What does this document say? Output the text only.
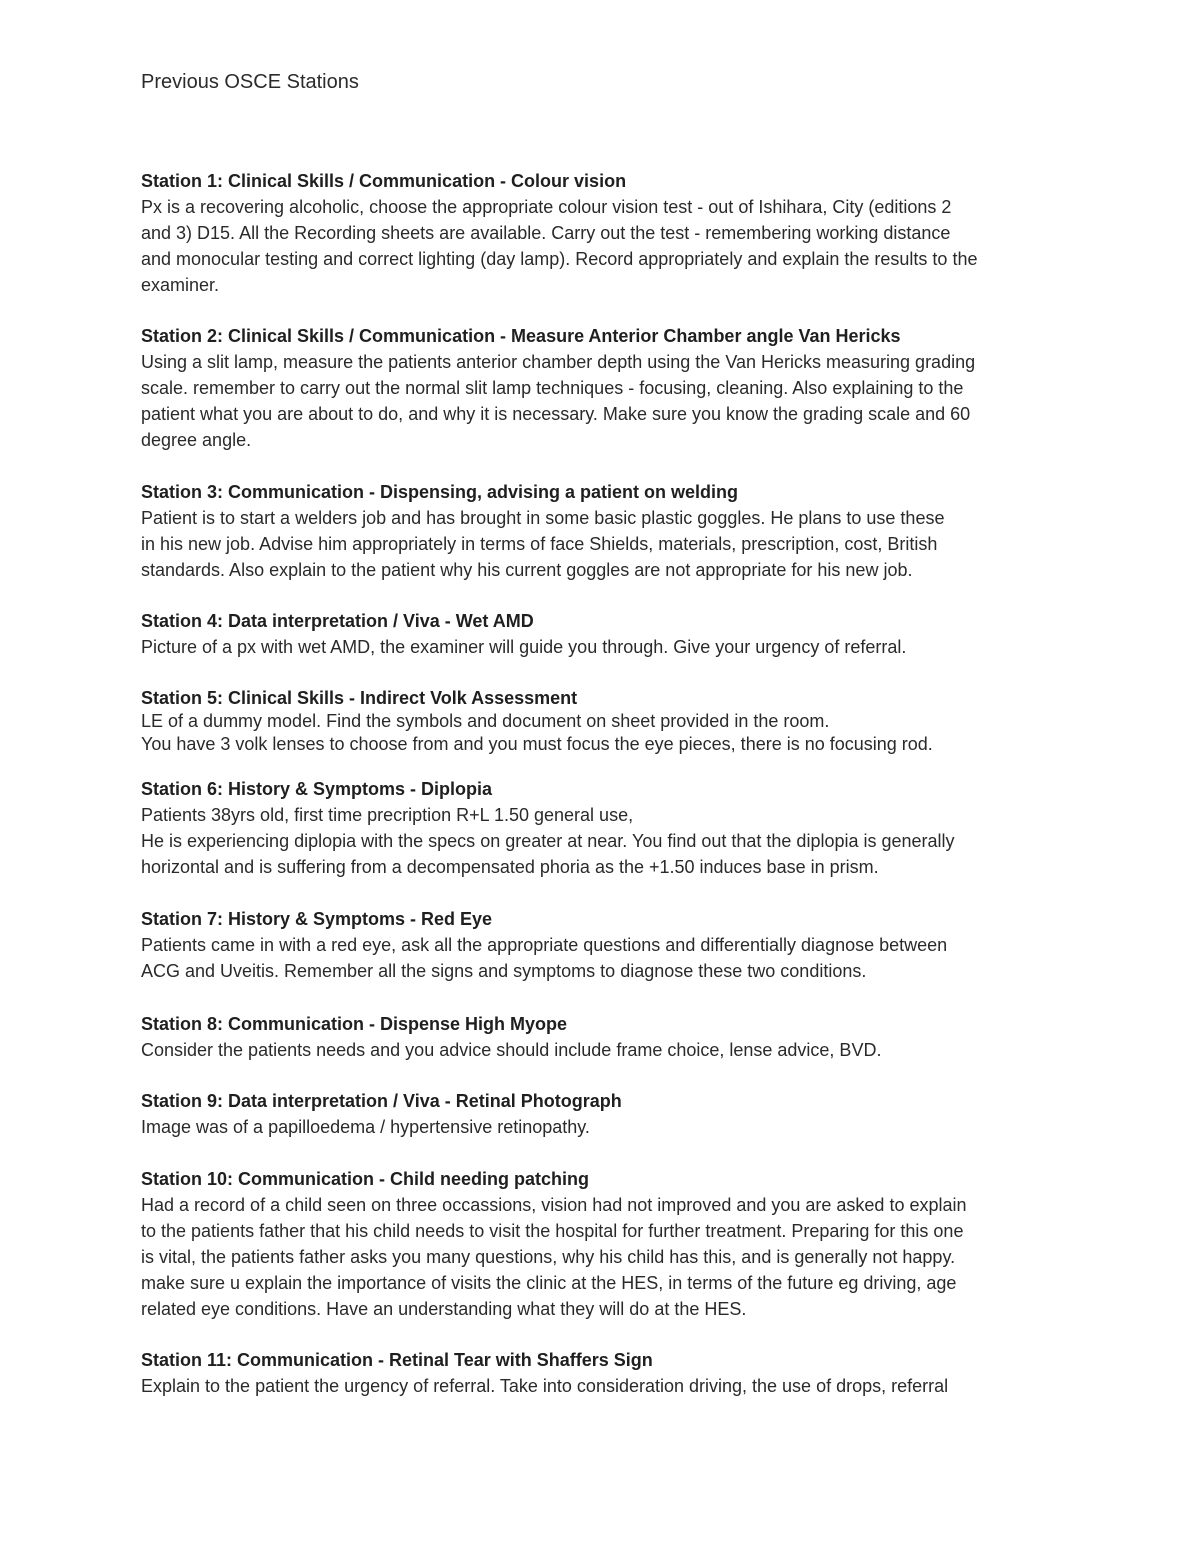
Previous OSCE Stations
Station 1: Clinical Skills / Communication - Colour vision

Px is a recovering alcoholic, choose the appropriate colour vision test - out of Ishihara, City (editions 2
and 3) D15. All the Recording sheets are available. Carry out the test - remembering working distance
and monocular testing and correct lighting (day lamp). Record appropriately and explain the results to the
examiner.

Station 2: Clinical Skills / Communication - Measure Anterior Chamber angle Van Hericks

Using a slit lamp, measure the patients anterior chamber depth using the Van Hericks measuring grading
scale. remember to carry out the normal slit lamp techniques - focusing, cleaning. Also explaining to the
patient what you are about to do, and why it is necessary. Make sure you know the grading scale and 60
degree angle.

Station 3: Communication - Dispensing, advising a patient on welding

Patient is to start a welders job and has brought in some basic plastic goggles. He plans to use these
in his new job. Advise him appropriately in terms of face Shields, materials, prescription, cost, British
standards. Also explain to the patient why his current goggles are not appropriate for his new job.

Station 4: Data interpretation / Viva - Wet AMD

Picture of a px with wet AMD, the examiner will guide you through. Give your urgency of referral.

Station 5: Clinical Skills - Indirect Volk Assessment

LE of a dummy model. Find the symbols and document on sheet provided in the room.
You have 3 volk lenses to choose from and you must focus the eye pieces, there is no focusing rod.

Station 6: History & Symptoms - Diplopia

Patients 38yrs old, first time precription R+L 1.50 general use,
He is experiencing diplopia with the specs on greater at near. You find out that the diplopia is generally
horizontal and is suffering from a decompensated phoria as the +1.50 induces base in prism.

Station 7: History & Symptoms - Red Eye

Patients came in with a red eye, ask all the appropriate questions and differentially diagnose between
ACG and Uveitis. Remember all the signs and symptoms to diagnose these two conditions.

Station 8: Communication - Dispense High Myope

Consider the patients needs and you advice should include frame choice, lense advice, BVD.

Station 9: Data interpretation / Viva - Retinal Photograph

Image was of a papilloedema / hypertensive retinopathy.

Station 10: Communication - Child needing patching

Had a record of a child seen on three occassions, vision had not improved and you are asked to explain
to the patients father that his child needs to visit the hospital for further treatment. Preparing for this one
is vital, the patients father asks you many questions, why his child has this, and is generally not happy.
make sure u explain the importance of visits the clinic at the HES, in terms of the future eg driving, age
related eye conditions. Have an understanding what they will do at the HES.

Station 11: Communication - Retinal Tear with Shaffers Sign

Explain to the patient the urgency of referral. Take into consideration driving, the use of drops, referral
